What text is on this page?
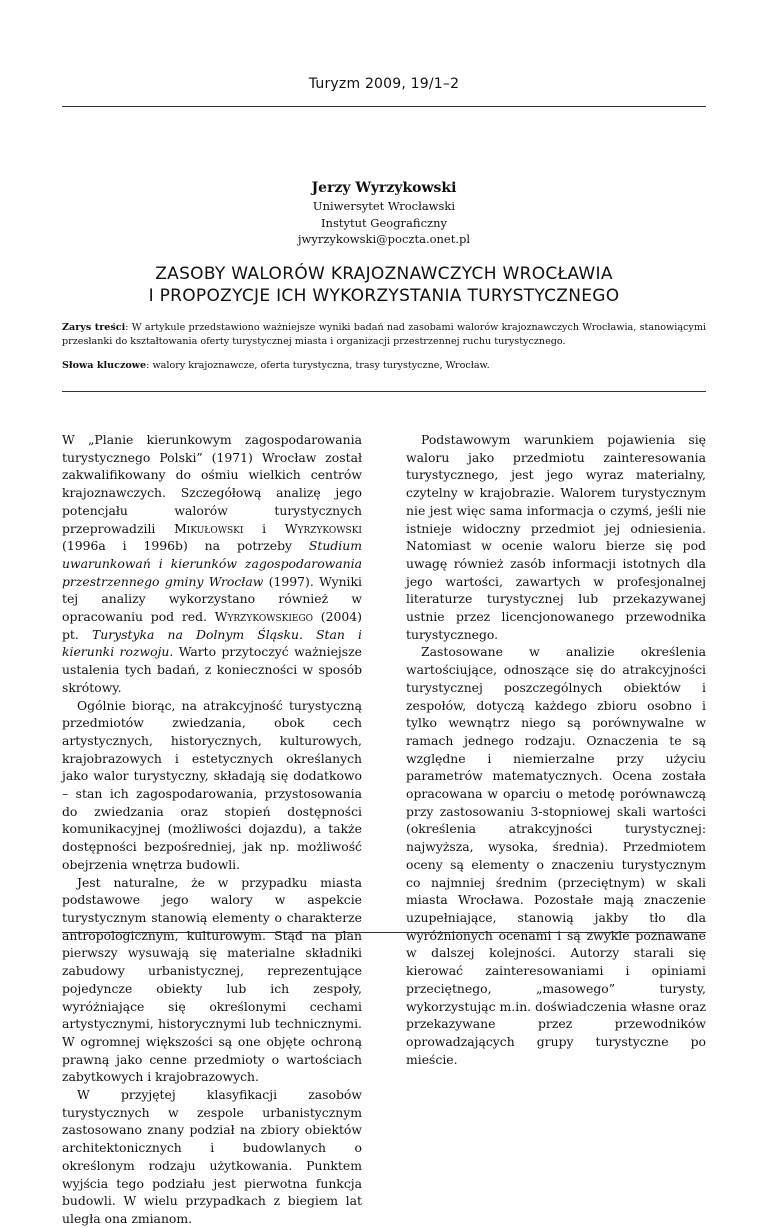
Turyzm 2009, 19/1–2
Jerzy Wyrzykowski
Uniwersytet Wrocławski
Instytut Geograficzny
jwyrzykowski@poczta.onet.pl
ZASOBY WALORÓW KRAJOZNAWCZYCH WROCŁAWIA
I PROPOZYCJE ICH WYKORZYSTANIA TURYSTYCZNEGO
Zarys treści: W artykule przedstawiono ważniejsze wyniki badań nad zasobami walorów krajoznawczych Wrocławia, stanowiącymi przesłanki do kształtowania oferty turystycznej miasta i organizacji przestrzennej ruchu turystycznego.
Słowa kluczowe: walory krajoznawcze, oferta turystyczna, trasy turystyczne, Wrocław.

W „Planie kierunkowym zagospodarowania turystycznego Polski” (1971) Wrocław został zakwalifikowany do ośmiu wielkich centrów krajoznawczych. Szczegółową analizę jego potencjału walorów turystycznych przeprowadzili Mikułowski i Wyrzykowski (1996a i 1996b) na potrzeby Studium uwarunkowań i kierunków zagospodarowania przestrzennego gminy Wrocław (1997). Wyniki tej analizy wykorzystano również w opracowaniu pod red. Wyrzykowskiego (2004) pt. Turystyka na Dolnym Śląsku. Stan i kierunki rozwoju. Warto przytoczyć ważniejsze ustalenia tych badań, z konieczności w sposób skrótowy.

Ogólnie biorąc, na atrakcyjność turystyczną przedmiotów zwiedzania, obok cech artystycznych, historycznych, kulturowych, krajobrazowych i estetycznych określanych jako walor turystyczny, składają się dodatkowo – stan ich zagospodarowania, przystosowania do zwiedzania oraz stopień dostępności komunikacyjnej (możliwości dojazdu), a także dostępności bezpośredniej, jak np. możliwość obejrzenia wnętrza budowli.

Jest naturalne, że w przypadku miasta podstawowe jego walory w aspekcie turystycznym stanowią elementy o charakterze antropologicznym, kulturowym. Stąd na plan pierwszy wysuwają się materialne składniki zabudowy urbanistycznej, reprezentujące pojedyncze obiekty lub ich zespoły, wyróżniające się określonymi cechami artystycznymi, historycznymi lub technicznymi. W ogromnej większości są one objęte ochroną prawną jako cenne przedmioty o wartościach zabytkowych i krajobrazowych.

W przyjętej klasyfikacji zasobów turystycznych w zespole urbanistycznym zastosowano znany podział na zbiory obiektów architektonicznych i budowlanych o określonym rodzaju użytkowania. Punktem wyjścia tego podziału jest pierwotna funkcja budowli. W wielu przypadkach z biegiem lat uległa ona zmianom.

Podstawowym warunkiem pojawienia się waloru jako przedmiotu zainteresowania turystycznego, jest jego wyraz materialny, czytelny w krajobrazie. Walorem turystycznym nie jest więc sama informacja o czymś, jeśli nie istnieje widoczny przedmiot jej odniesienia. Natomiast w ocenie waloru bierze się pod uwagę również zasób informacji istotnych dla jego wartości, zawartych w profesjonalnej literaturze turystycznej lub przekazywanej ustnie przez licencjonowanego przewodnika turystycznego.

Zastosowane w analizie określenia wartościujące, odnoszące się do atrakcyjności turystycznej poszczególnych obiektów i zespołów, dotyczą każdego zbioru osobno i tylko wewnątrz niego są porównywalne w ramach jednego rodzaju. Oznaczenia te są względne i niemierzalne przy użyciu parametrów matematycznych. Ocena została opracowana w oparciu o metodę porównawczą przy zastosowaniu 3-stopniowej skali wartości (określenia atrakcyjności turystycznej: najwyższa, wysoka, średnia). Przedmiotem oceny są elementy o znaczeniu turystycznym co najmniej średnim (przeciętnym) w skali miasta Wrocława. Pozostałe mają znaczenie uzupełniające, stanowią jakby tło dla wyróżnionych ocenami i są zwykle poznawane w dalszej kolejności. Autorzy starali się kierować zainteresowaniami i opiniami przeciętnego, „masowego” turysty, wykorzystując m.in. doświadczenia własne oraz przekazywane przez przewodników oprowadzających grupy turystyczne po mieście.
